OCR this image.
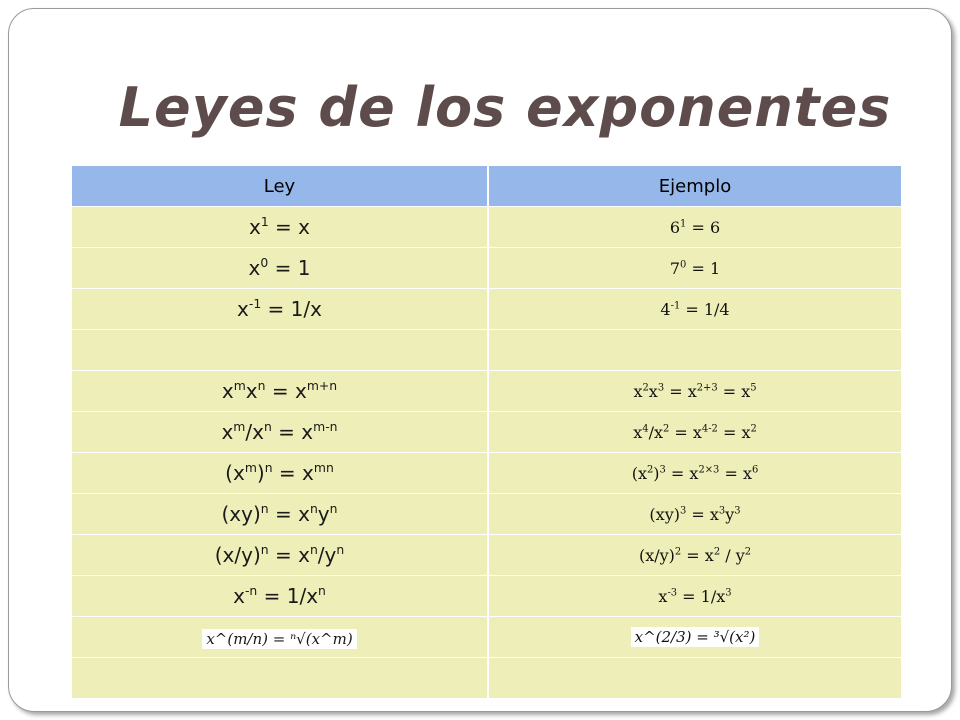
Leyes de los exponentes
Ley	Ejemplo
$x^1 = x$	$6^1 = 6$
$x^0 = 1$	$7^0 = 1$
$x^{-1} = 1/x$	$4^{-1} = 1/4$

$x^mx^n = x^{m+n}$	$x^2x^3 = x^{2+3} = x^5$
$x^m/x^n = x^{m-n}$	$x^4/x^2 = x^{4-2} = x^2$
$(x^m)^n = x^{mn}$	$(x^2)^3 = x^{2\times 3} = x^6$
$(xy)^n = x^ny^n$	$(xy)^3 = x^3y^3$
$(x/y)^n = x^n/y^n$	$(x/y)^2 = x^2 / y^2$
$x^{-n} = 1/x^n$	$x^{-3} = 1/x^3$
x^(m/n) = ⁿ√(x^m)	x^(2/3) = ³√(x²)
